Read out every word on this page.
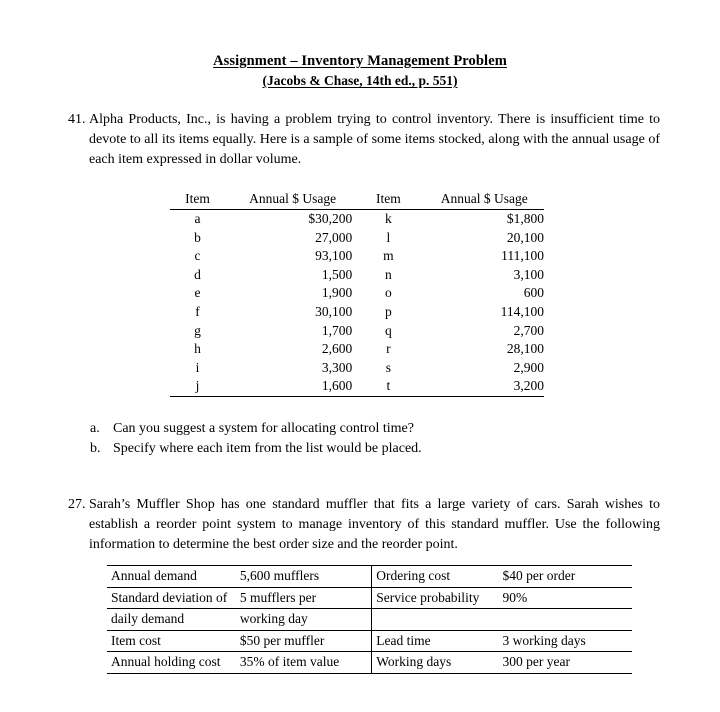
Assignment – Inventory Management Problem
(Jacobs & Chase, 14th ed., p. 551)
41. Alpha Products, Inc., is having a problem trying to control inventory. There is insufficient time to devote to all its items equally. Here is a sample of some items stocked, along with the annual usage of each item expressed in dollar volume.
Item	Annual $ Usage	Item	Annual $ Usage
a	$30,200	k	$1,800
b	27,000	l	20,100
c	93,100	m	111,100
d	1,500	n	3,100
e	1,900	o	600
f	30,100	p	114,100
g	1,700	q	2,700
h	2,600	r	28,100
i	3,300	s	2,900
j	1,600	t	3,200
a. Can you suggest a system for allocating control time?
b. Specify where each item from the list would be placed.
27. Sarah’s Muffler Shop has one standard muffler that fits a large variety of cars. Sarah wishes to establish a reorder point system to manage inventory of this standard muffler. Use the following information to determine the best order size and the reorder point.
Annual demand	5,600 mufflers	Ordering cost	$40 per order
Standard deviation of	5 mufflers per	Service probability	90%
daily demand	working day		
Item cost	$50 per muffler	Lead time	3 working days
Annual holding cost	35% of item value	Working days	300 per year
